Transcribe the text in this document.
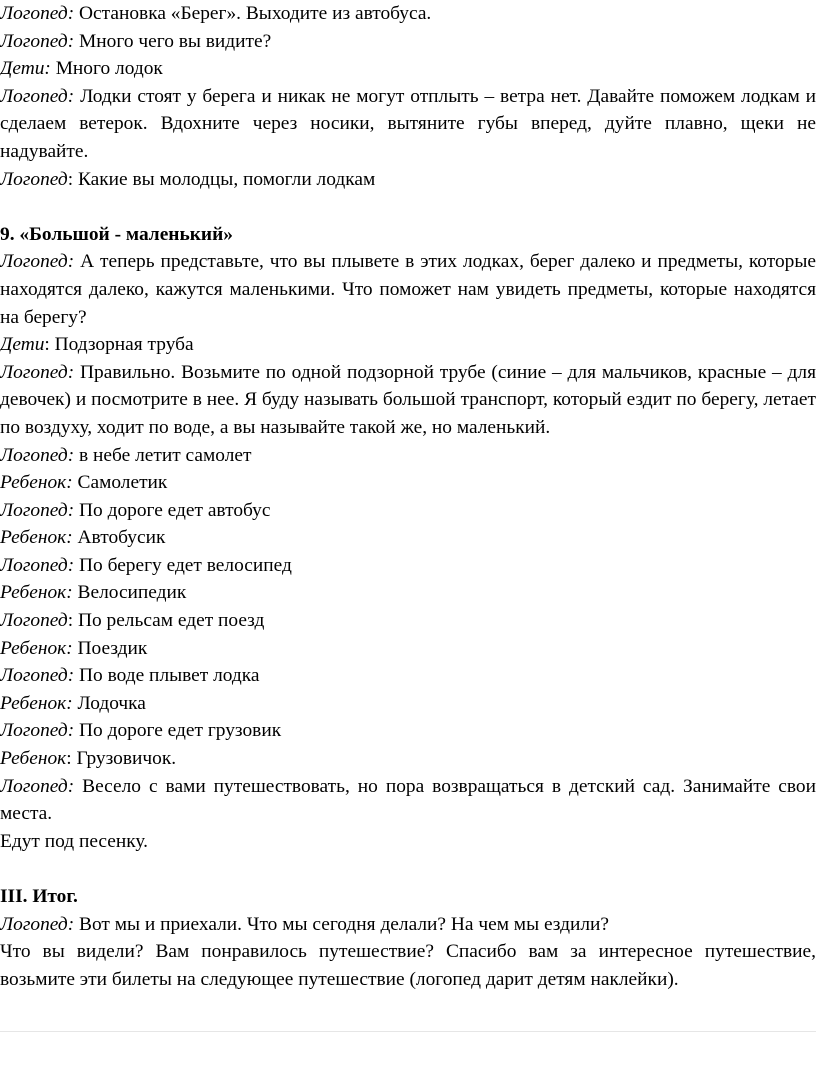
Логопед: Остановка «Берег». Выходите из автобуса.
Логопед: Много чего вы видите?
Дети: Много лодок
Логопед: Лодки стоят у берега и никак не могут отплыть – ветра нет. Давайте поможем лодкам и сделаем ветерок. Вдохните через носики, вытяните губы вперед, дуйте плавно, щеки не надувайте.
Логопед: Какие вы молодцы, помогли лодкам
9. «Большой - маленький»
Логопед: А теперь представьте, что вы плывете в этих лодках, берег далеко и предметы, которые находятся далеко, кажутся маленькими. Что поможет нам увидеть предметы, которые находятся на берегу?
Дети: Подзорная труба
Логопед: Правильно. Возьмите по одной подзорной трубе (синие – для мальчиков, красные – для девочек) и посмотрите в нее. Я буду называть большой транспорт, который ездит по берегу, летает по воздуху, ходит по воде, а вы называйте такой же, но маленький.
Логопед: в небе летит самолет
Ребенок: Самолетик
Логопед: По дороге едет автобус
Ребенок: Автобусик
Логопед: По берегу едет велосипед
Ребенок: Велосипедик
Логопед: По рельсам едет поезд
Ребенок: Поездик
Логопед: По воде плывет лодка
Ребенок: Лодочка
Логопед: По дороге едет грузовик
Ребенок: Грузовичок.
Логопед: Весело с вами путешествовать, но пора возвращаться в детский сад. Занимайте свои места.
Едут под песенку.
III. Итог.
Логопед: Вот мы и приехали. Что мы сегодня делали? На чем мы ездили?
Что вы видели? Вам понравилось путешествие? Спасибо вам за интересное путешествие, возьмите эти билеты на следующее путешествие (логопед дарит детям наклейки).
